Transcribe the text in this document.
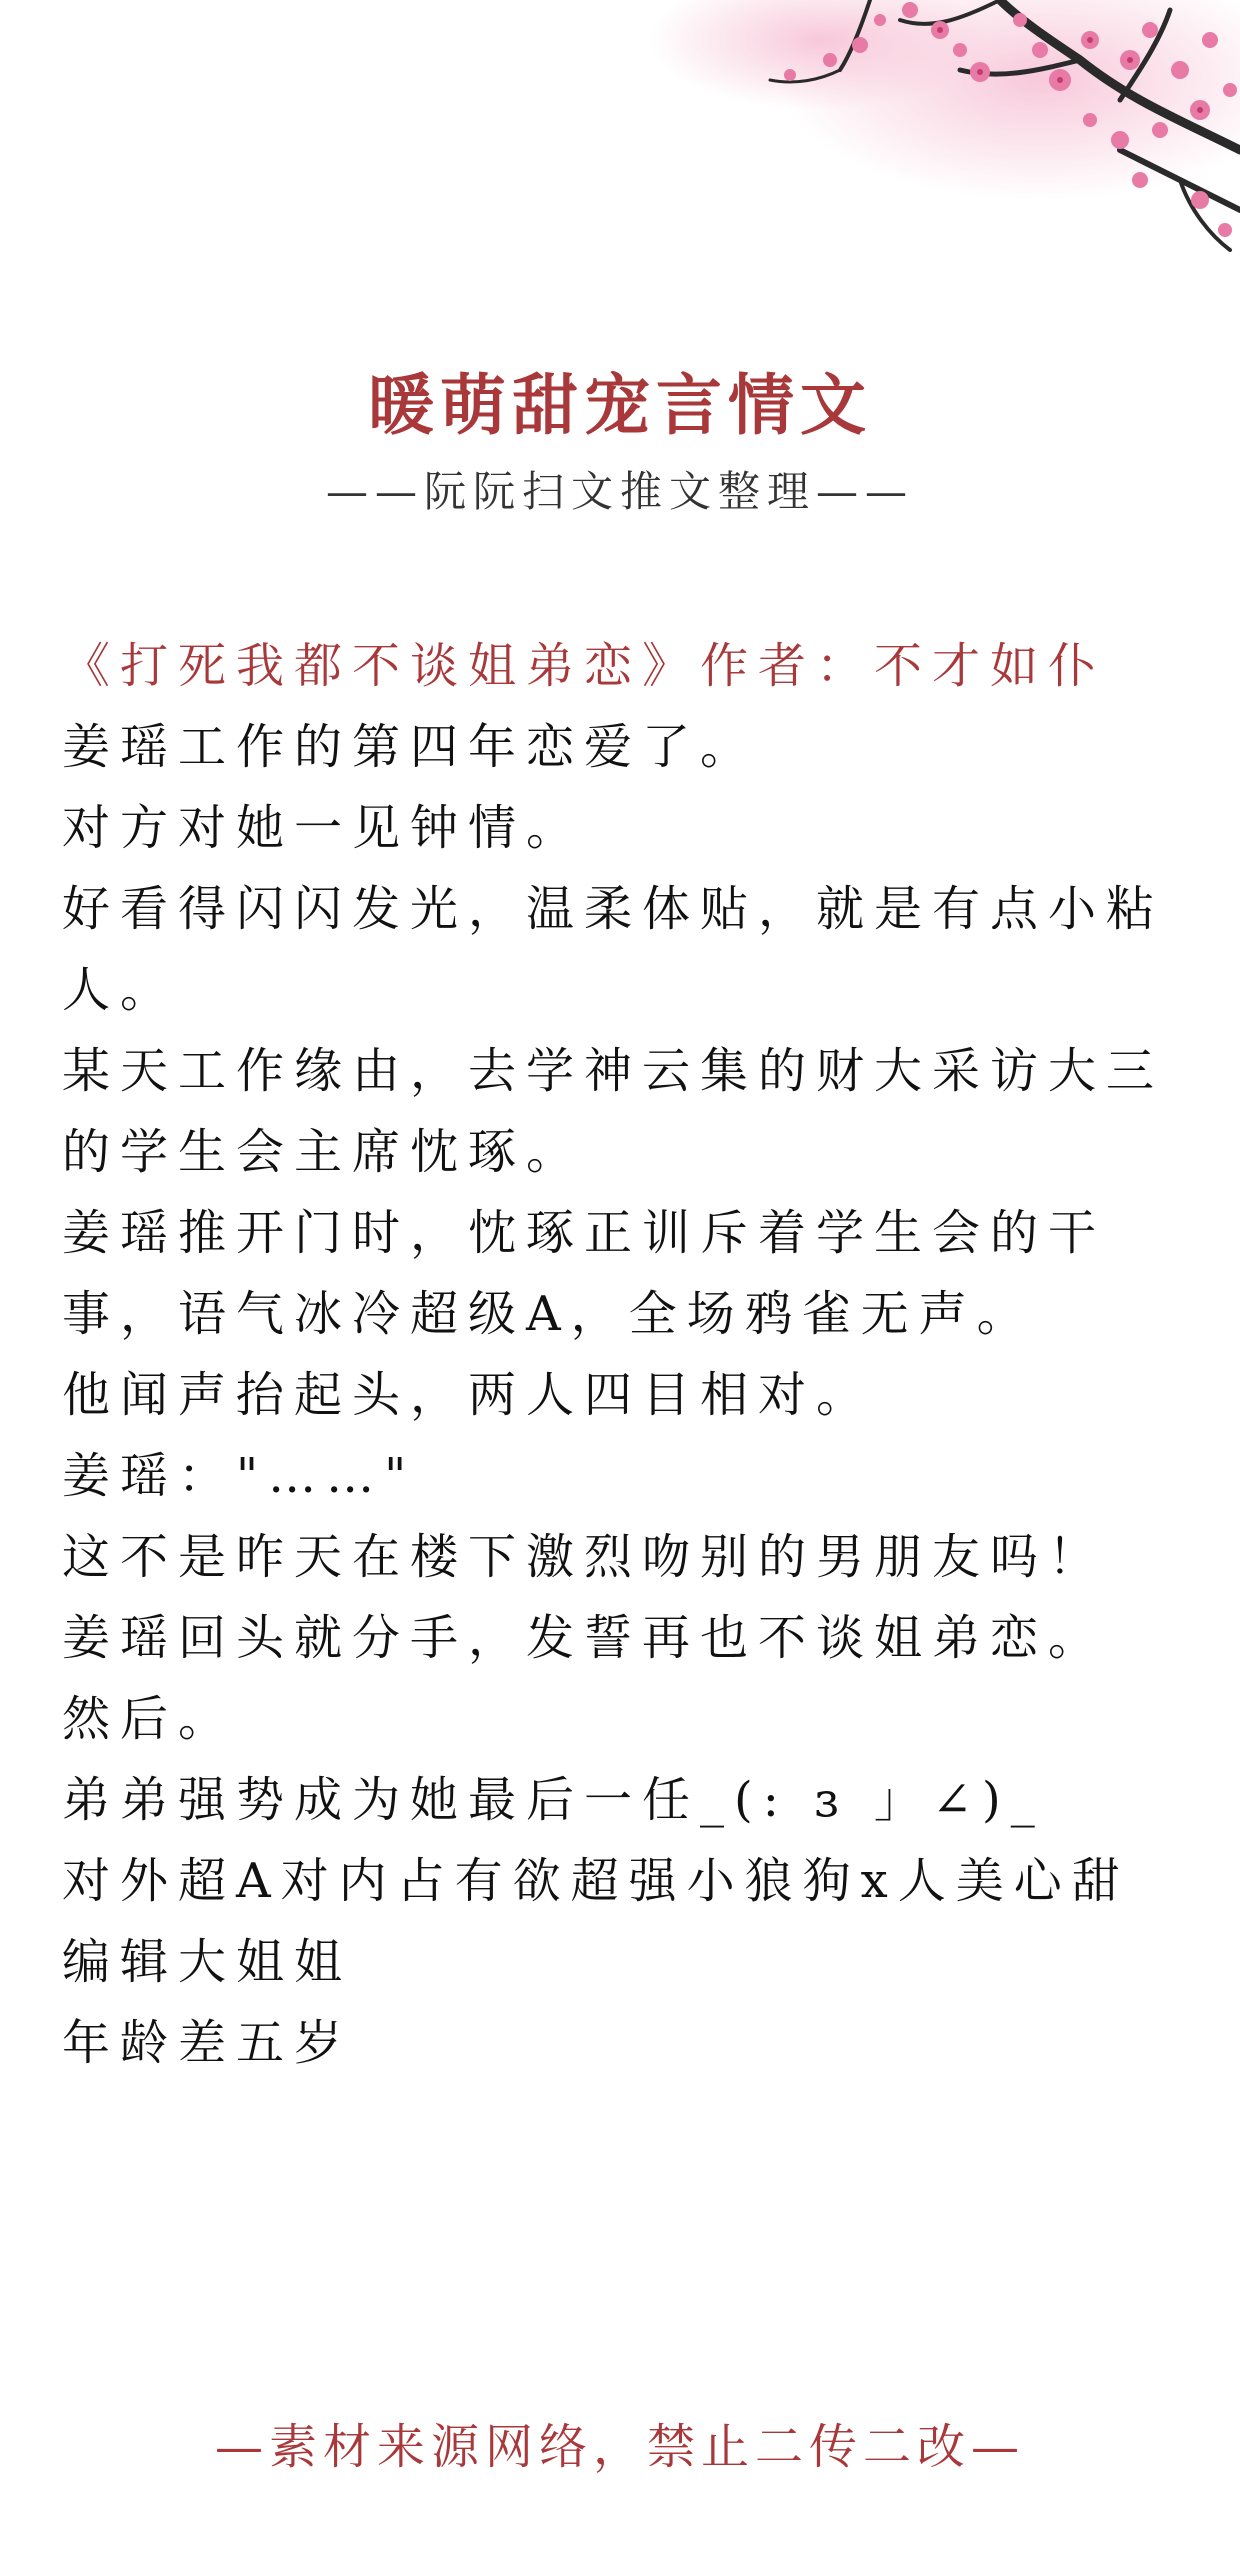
暖萌甜宠言情文
——阮阮扫文推文整理——

《打死我都不谈姐弟恋》作者：不才如仆

姜瑶工作的第四年恋爱了。

对方对她一见钟情。

好看得闪闪发光，温柔体贴，就是有点小粘人。

某天工作缘由，去学神云集的财大采访大三的学生会主席忱琢。

姜瑶推开门时，忱琢正训斥着学生会的干事，语气冰冷超级A，全场鸦雀无声。

他闻声抬起头，两人四目相对。

姜瑶："……"

这不是昨天在楼下激烈吻别的男朋友吗！

姜瑶回头就分手，发誓再也不谈姐弟恋。

然后。

弟弟强势成为她最后一任_(: ɜ 」∠)_

对外超A对内占有欲超强小狼狗x人美心甜编辑大姐姐

年龄差五岁

—素材来源网络，禁止二传二改—
